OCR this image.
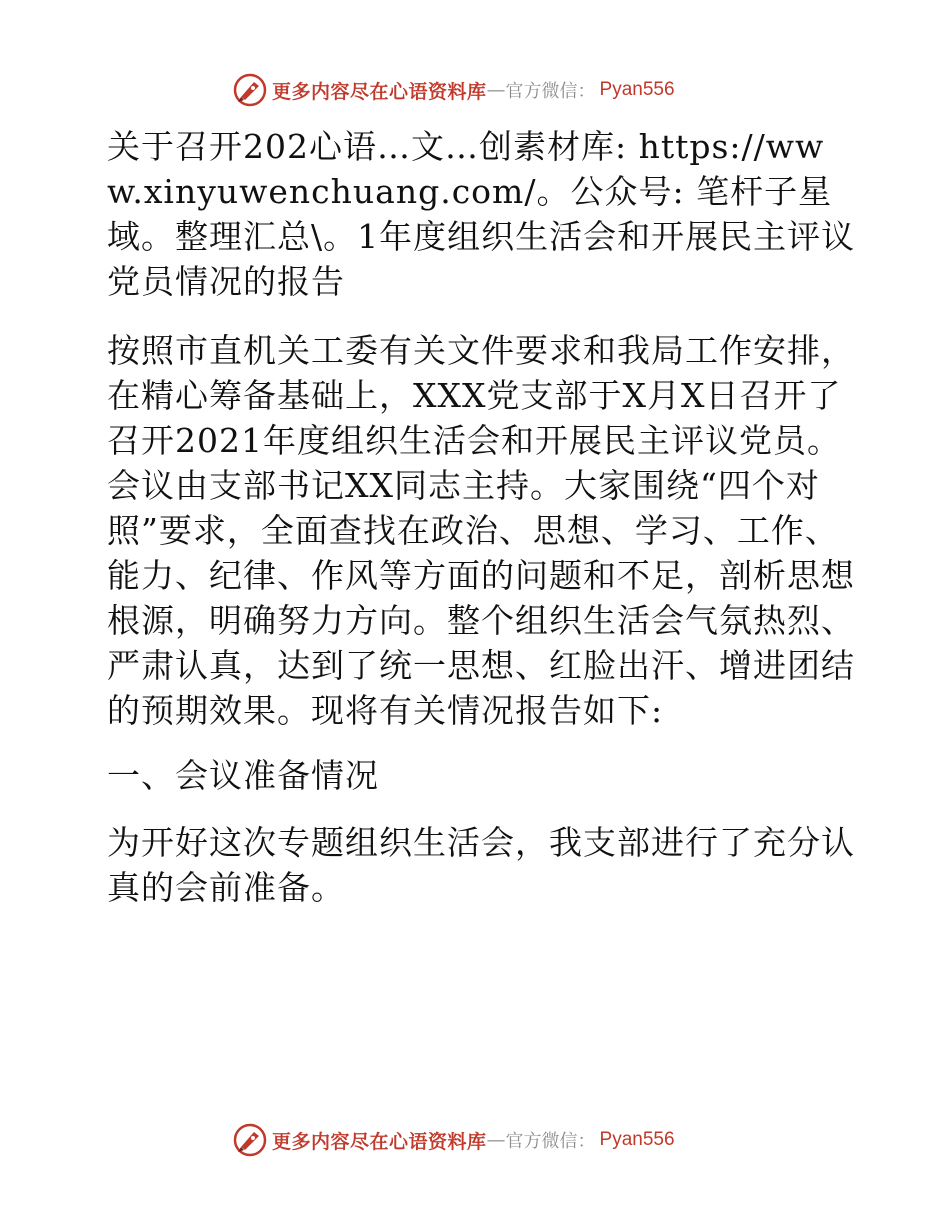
更多内容尽在心语资料库 — 官方微信： Pyan556

关于召开202心语…文…创素材库: https://www.xinyuwenchuang.com/。公众号: 笔杆子星域。整理汇总\。1年度组织生活会和开展民主评议党员情况的报告

按照市直机关工委有关文件要求和我局工作安排，在精心筹备基础上，XXX党支部于X月X日召开了召开2021年度组织生活会和开展民主评议党员。会议由支部书记XX同志主持。大家围绕“四个对照”要求，全面查找在政治、思想、学习、工作、能力、纪律、作风等方面的问题和不足，剖析思想根源，明确努力方向。整个组织生活会气氛热烈、严肃认真，达到了统一思想、红脸出汗、增进团结的预期效果。现将有关情况报告如下:

一、会议准备情况

为开好这次专题组织生活会，我支部进行了充分认真的会前准备。

更多内容尽在心语资料库 — 官方微信： Pyan556
